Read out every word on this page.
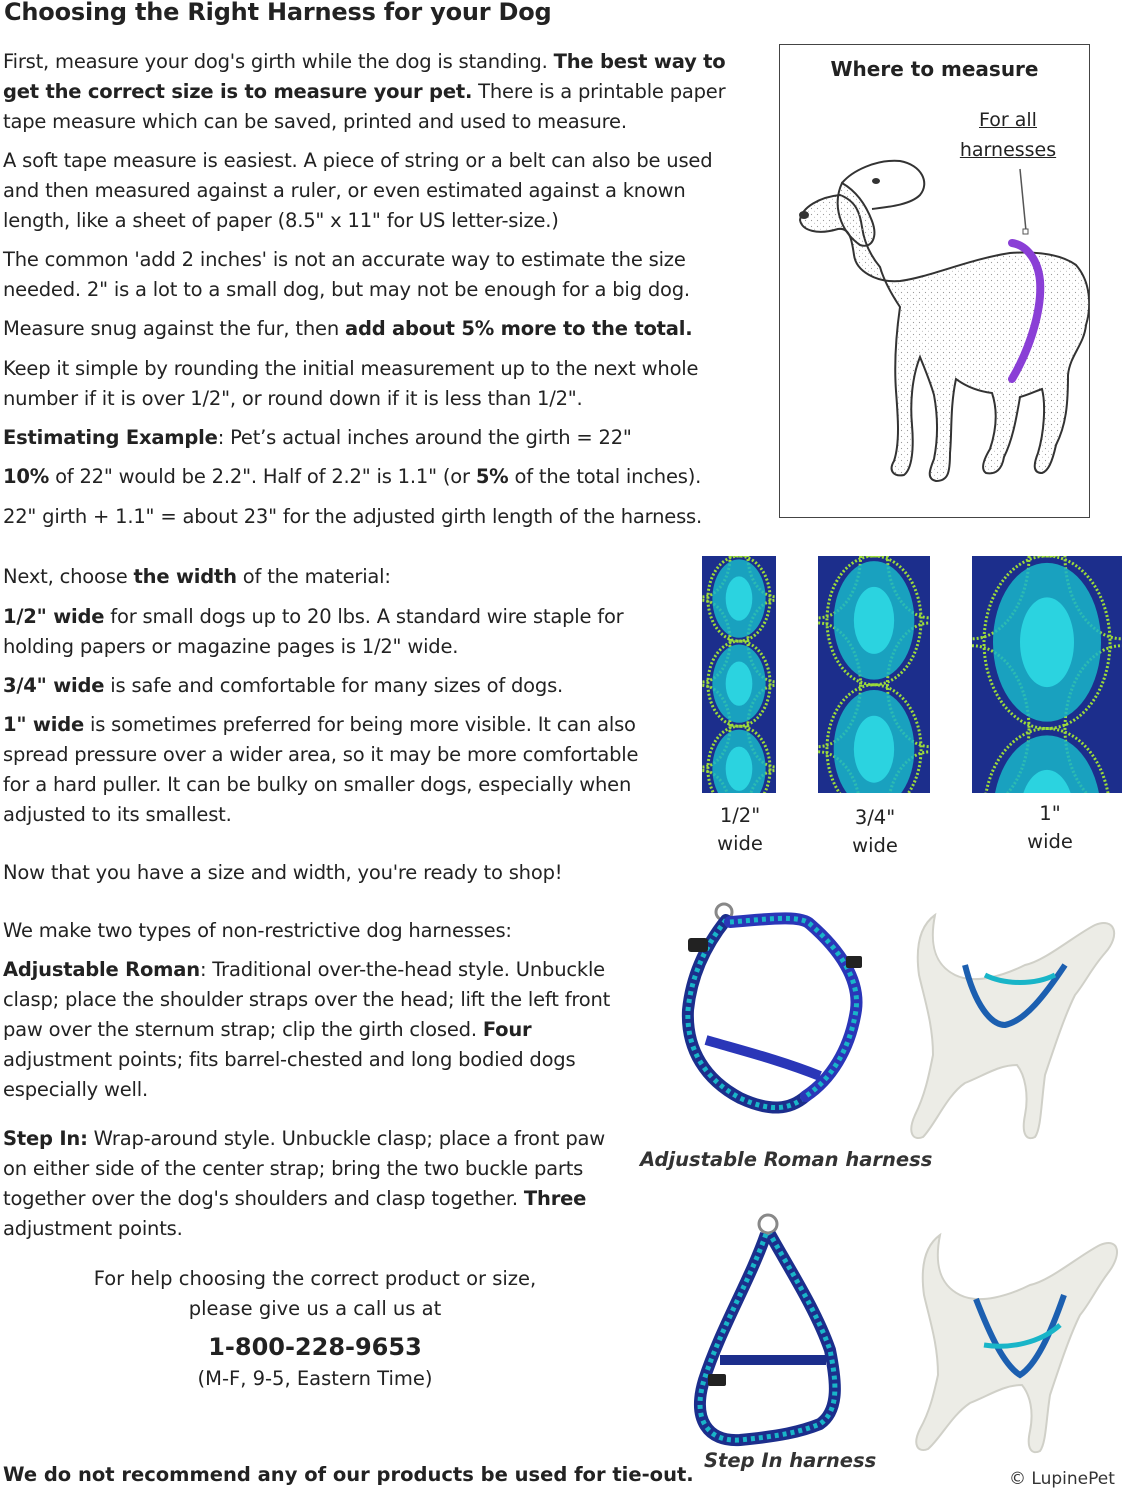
Choosing the Right Harness for your Dog

First, measure your dog's girth while the dog is standing. The best way to get the correct size is to measure your pet. There is a printable paper tape measure which can be saved, printed and used to measure.

A soft tape measure is easiest. A piece of string or a belt can also be used and then measured against a ruler, or even estimated against a known length, like a sheet of paper (8.5" x 11" for US letter-size.)

The common 'add 2 inches' is not an accurate way to estimate the size needed. 2" is a lot to a small dog, but may not be enough for a big dog.

Measure snug against the fur, then add about 5% more to the total.

Keep it simple by rounding the initial measurement up to the next whole number if it is over 1/2", or round down if it is less than 1/2".

Estimating Example: Pet’s actual inches around the girth = 22"

10% of 22" would be 2.2". Half of 2.2" is 1.1" (or 5% of the total inches).

22" girth + 1.1" = about 23" for the adjusted girth length of the harness.

Where to measure
For all
harnesses

Next, choose the width of the material:

1/2" wide for small dogs up to 20 lbs. A standard wire staple for holding papers or magazine pages is 1/2" wide.

3/4" wide is safe and comfortable for many sizes of dogs.

1" wide is sometimes preferred for being more visible. It can also spread pressure over a wider area, so it may be more comfortable for a hard puller. It can be bulky on smaller dogs, especially when adjusted to its smallest.	1/2"
wide
3/4"
wide
1"
wide

Now that you have a size and width, you're ready to shop!

We make two types of non-restrictive dog harnesses:

Adjustable Roman: Traditional over-the-head style. Unbuckle clasp; place the shoulder straps over the head; lift the left front paw over the sternum strap; clip the girth closed. Four adjustment points; fits barrel-chested and long bodied dogs especially well.

Step In: Wrap-around style. Unbuckle clasp; place a front paw on either side of the center strap; bring the two buckle parts together over the dog's shoulders and clasp together. Three adjustment points.

Adjustable Roman harness
Step In harness
For help choosing the correct product or size,
please give us a call us at
1-800-228-9653
(M-F, 9-5, Eastern Time)
We do not recommend any of our products be used for tie-out.	© LupinePet
